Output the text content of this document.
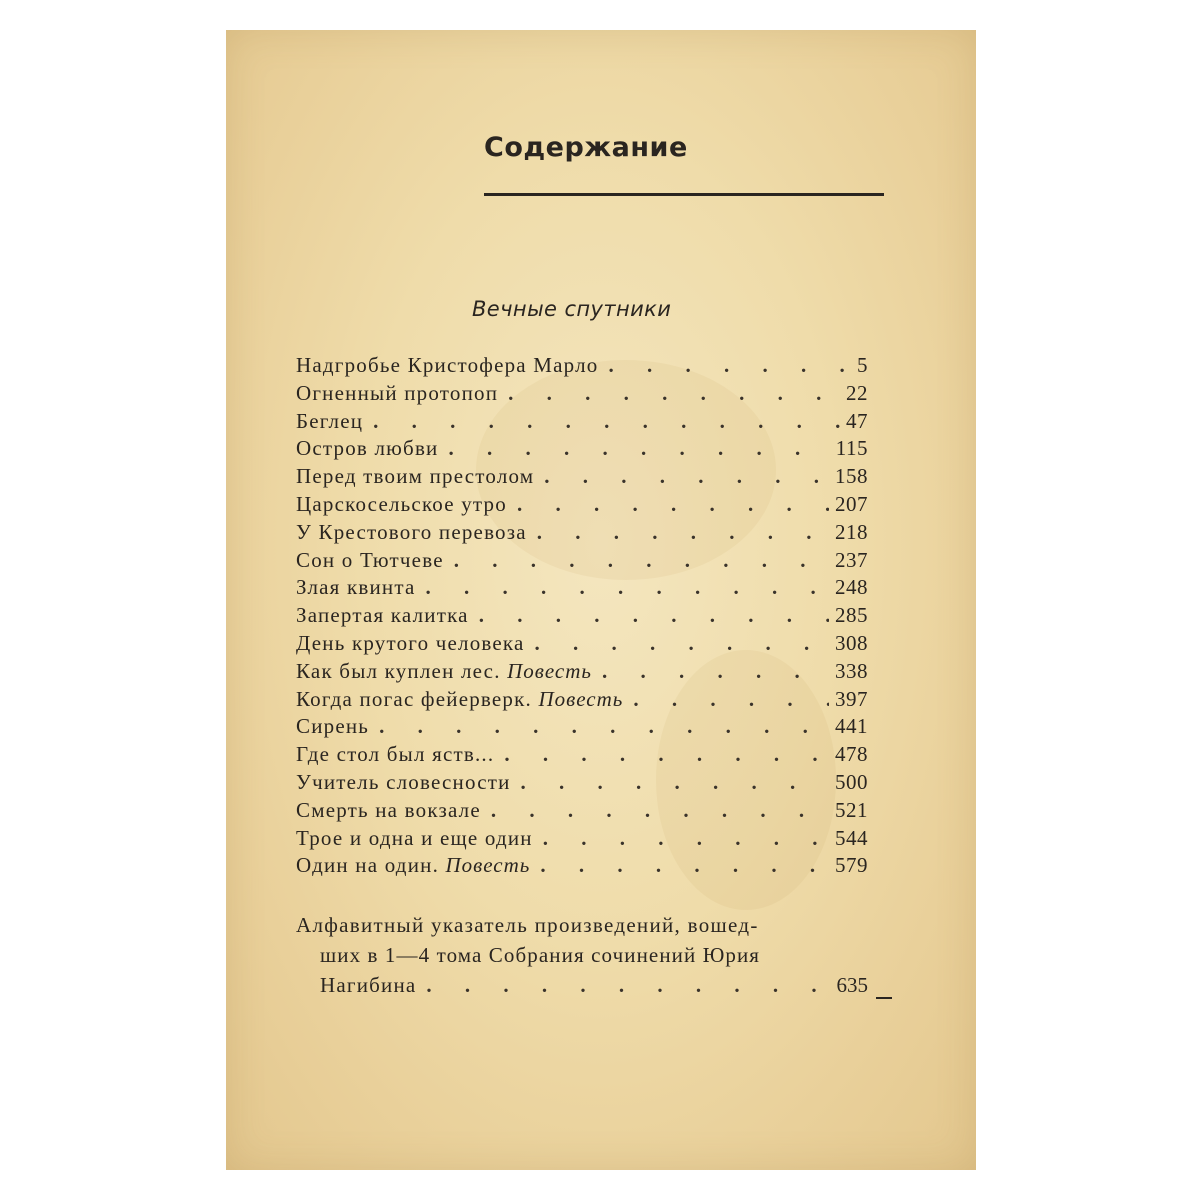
Содержание
Вечные спутники
Надгробье Кристофера Марло . . .	5
Огненный протопоп . . .	22
Беглец . . .	47
Остров любви . . .	115
Перед твоим престолом . . .	158
Царскосельское утро . . .	207
У Крестового перевоза . . .	218
Сон о Тютчеве . . .	237
Злая квинта . . .	248
Запертая калитка . . .	285
День крутого человека . . .	308
Как был куплен лес. Повесть . . .	338
Когда погас фейерверк. Повесть . . .	397
Сирень . . .	441
Где стол был яств... . . .	478
Учитель словесности . . .	500
Смерть на вокзале . . .	521
Трое и одна и еще один . . .	544
Один на один. Повесть . . .	579
Алфавитный указатель произведений, вошед-
ших в 1—4 тома Собрания сочинений Юрия
Нагибина . . .	635
